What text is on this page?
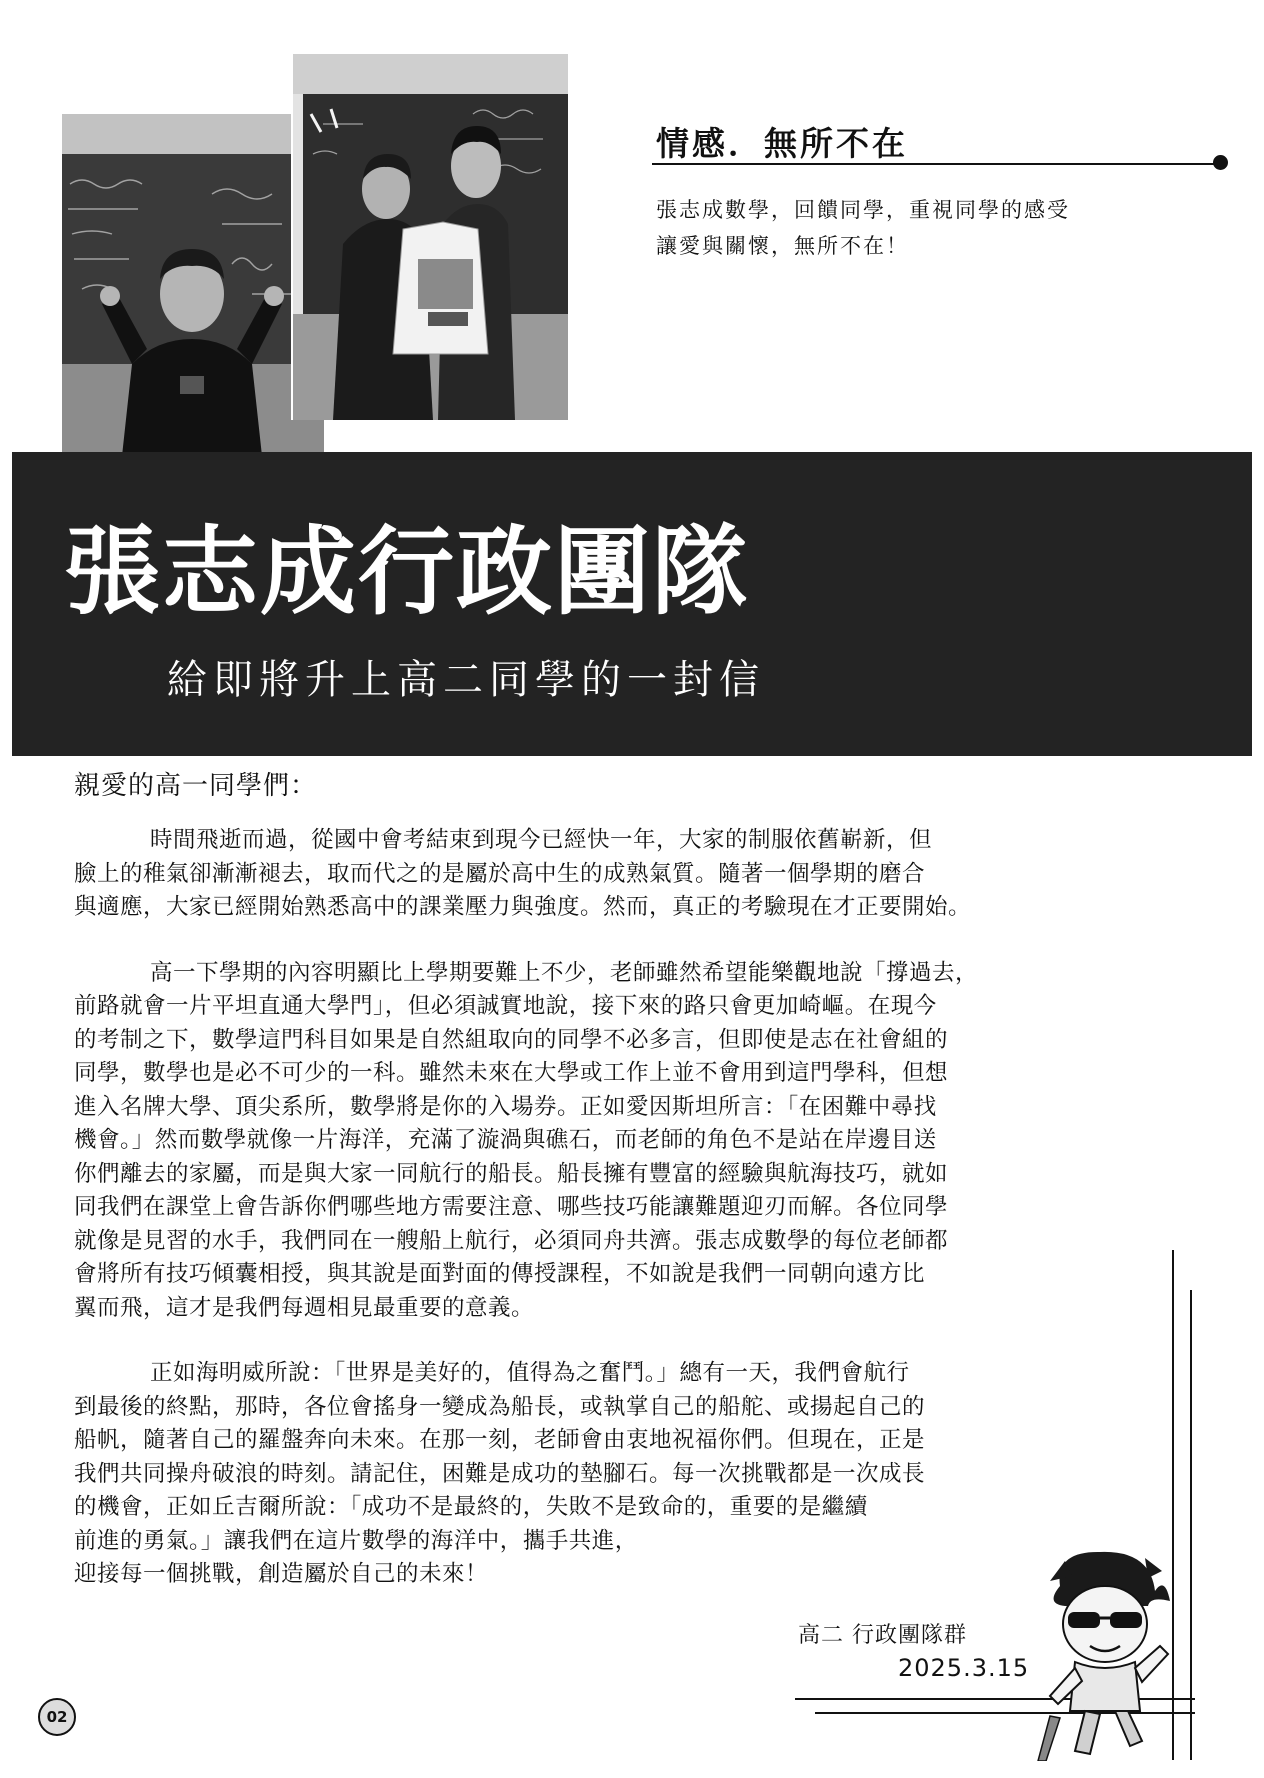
情感．無所不在

張志成數學，回饋同學，重視同學的感受
讓愛與關懷，無所不在！

張志成行政團隊

給即將升上高二同學的一封信

親愛的高一同學們：

時間飛逝而過，從國中會考結束到現今已經快一年，大家的制服依舊嶄新，但
臉上的稚氣卻漸漸褪去，取而代之的是屬於高中生的成熟氣質。隨著一個學期的磨合
與適應，大家已經開始熟悉高中的課業壓力與強度。然而，真正的考驗現在才正要開始。

高一下學期的內容明顯比上學期要難上不少，老師雖然希望能樂觀地說「撐過去，
前路就會一片平坦直通大學門」，但必須誠實地說，接下來的路只會更加崎嶇。在現今
的考制之下，數學這門科目如果是自然組取向的同學不必多言，但即使是志在社會組的
同學，數學也是必不可少的一科。雖然未來在大學或工作上並不會用到這門學科，但想
進入名牌大學、頂尖系所，數學將是你的入場券。正如愛因斯坦所言：「在困難中尋找
機會。」然而數學就像一片海洋，充滿了漩渦與礁石，而老師的角色不是站在岸邊目送
你們離去的家屬，而是與大家一同航行的船長。船長擁有豐富的經驗與航海技巧，就如
同我們在課堂上會告訴你們哪些地方需要注意、哪些技巧能讓難題迎刃而解。各位同學
就像是見習的水手，我們同在一艘船上航行，必須同舟共濟。張志成數學的每位老師都
會將所有技巧傾囊相授，與其說是面對面的傳授課程，不如說是我們一同朝向遠方比
翼而飛，這才是我們每週相見最重要的意義。

正如海明威所說：「世界是美好的，值得為之奮鬥。」總有一天，我們會航行
到最後的終點，那時，各位會搖身一變成為船長，或執掌自己的船舵、或揚起自己的
船帆，隨著自己的羅盤奔向未來。在那一刻，老師會由衷地祝福你們。但現在，正是
我們共同操舟破浪的時刻。請記住，困難是成功的墊腳石。每一次挑戰都是一次成長
的機會，正如丘吉爾所說：「成功不是最終的，失敗不是致命的，重要的是繼續
前進的勇氣。」讓我們在這片數學的海洋中，攜手共進，
迎接每一個挑戰，創造屬於自己的未來！

高二 行政團隊群

2025.3.15

02
